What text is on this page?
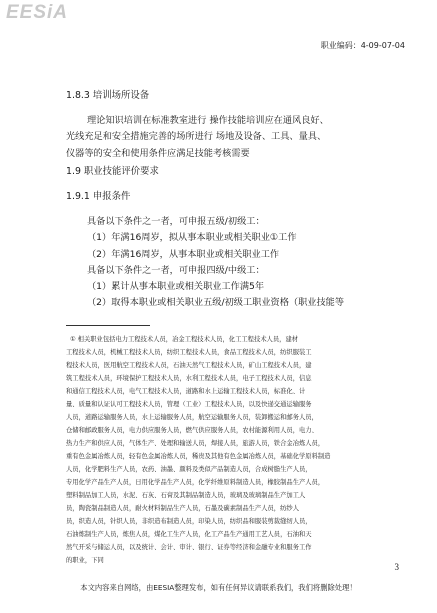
EESiA
职业编码：4-09-07-04
1.8.3 培训场所设备
理论知识培训在标准教室进行 操作技能培训应在通风良好、
光线充足和安全措施完善的场所进行 场地及设备、工具、量具、
仪器等的安全和使用条件应满足技能考核需要
1.9 职业技能评价要求
1.9.1 申报条件
具备以下条件之一者，可申报五级/初级工：
（1）年满16周岁，拟从事本职业或相关职业①工作
（2）年满16周岁，从事本职业或相关职业工作
具备以下条件之一者，可申报四级/中级工：
（1）累计从事本职业或相关职业工作满5年
（2）取得本职业或相关职业五级/初级工职业资格（职业技能等
① 相关职业包括电力工程技术人员，冶金工程技术人员，化工工程技术人员，建材
工程技术人员，机械工程技术人员，纺织工程技术人员，食品工程技术人员，纺织服装工
程技术人员，医用航空工程技术人员，石油天然气工程技术人员，矿山工程技术人员，建
筑工程技术人员，环境保护工程技术人员，水利工程技术人员，电子工程技术人员，信息
和通信工程技术人员，电气工程技术人员，道路和水上运输工程技术人员，标准化、计
量、质量和认证认可工程技术人员，管理（工业）工程技术人员，以及快递交通运输服务
人员，道路运输服务人员，水上运输服务人员，航空运输服务人员，装卸搬运和邮务人员，
仓储和邮政服务人员，电力供应服务人员，燃气供应服务人员，农村能源利用人员，电力、
热力生产和供应人员，气体生产、处理和输送人员，焊接人员，旅游人员，铁合金冶炼人员，
重有色金属冶炼人员，轻有色金属冶炼人员，稀贵及其他有色金属冶炼人员，基础化学原料制造
人员，化学肥料生产人员，农药、油墨、颜料及类似产品制造人员，合成树脂生产人员，
专用化学产品生产人员，日用化学品生产人员，化学纤维原料制造人员，橡胶制品生产人员，
塑料制品加工人员，水泥、石灰、石膏及其制品制造人员，玻璃及玻璃制品生产加工人
员，陶瓷制品制造人员，耐火材料制品生产人员，石墨及碳素制品生产人员，纺纱人
员，织造人员，针织人员，非织造布制造人员，印染人员，纺织品和服装剪裁缝纫人员，
石油炼制生产人员，炼焦人员，煤化工生产人员，化工产品生产通用工艺人员，石油和天
然气开采与储运人员，以及统计、会计、审计、银行、证券等经济和金融专业和服务工作
的职业，下同
3
本文内容来自网络，由EESIA整理发布，如有任何异议请联系我们，我们将删除处理！
